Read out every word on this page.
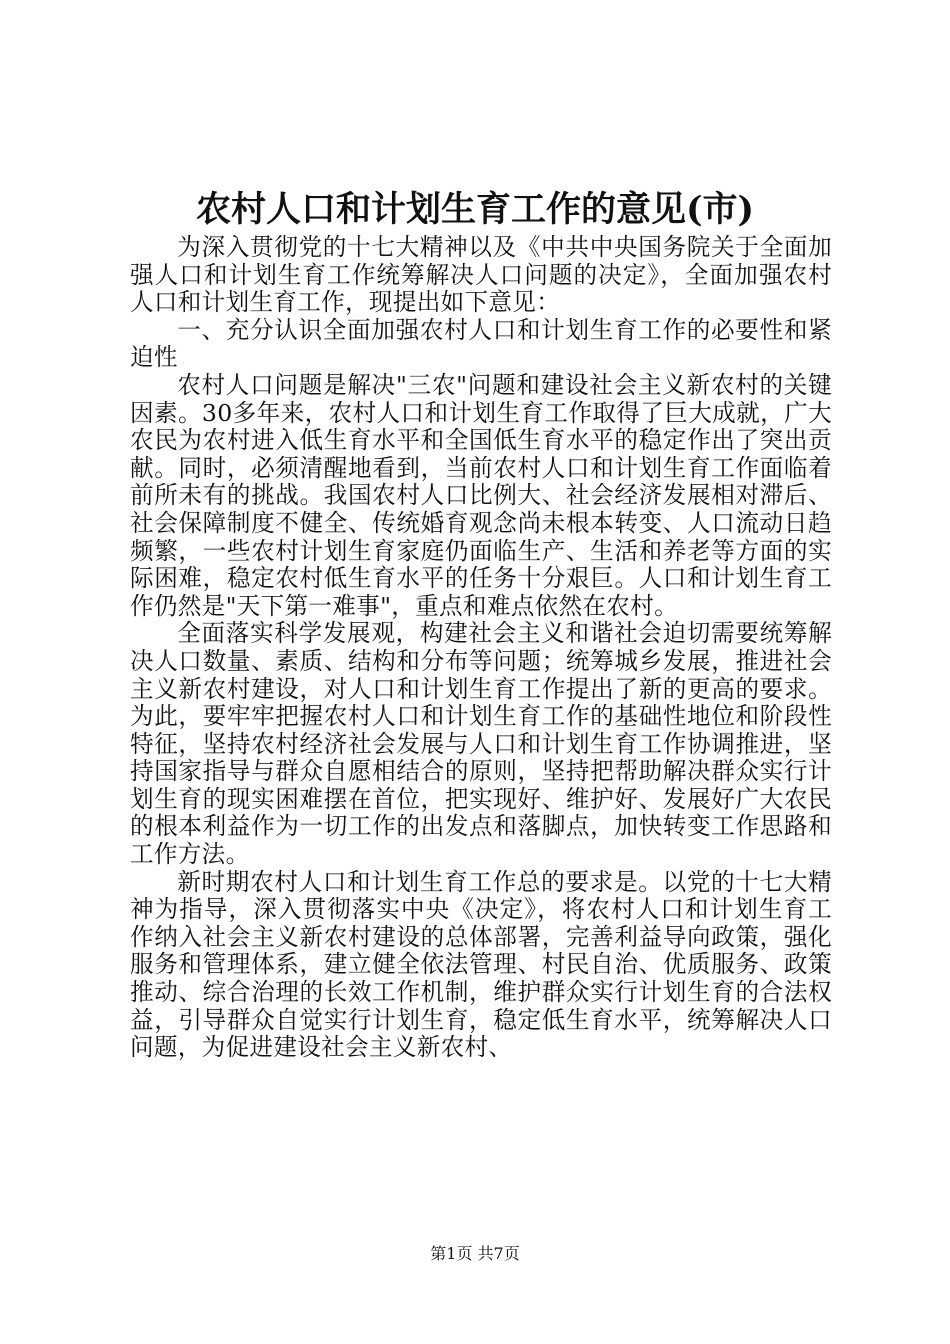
农村人口和计划生育工作的意见(市)

为深入贯彻党的十七大精神以及《中共中央国务院关于全面加强人口和计划生育工作统筹解决人口问题的决定》，全面加强农村人口和计划生育工作，现提出如下意见：

一、充分认识全面加强农村人口和计划生育工作的必要性和紧迫性

农村人口问题是解决"三农"问题和建设社会主义新农村的关键因素。30多年来，农村人口和计划生育工作取得了巨大成就，广大农民为农村进入低生育水平和全国低生育水平的稳定作出了突出贡献。同时，必须清醒地看到，当前农村人口和计划生育工作面临着前所未有的挑战。我国农村人口比例大、社会经济发展相对滞后、社会保障制度不健全、传统婚育观念尚未根本转变、人口流动日趋频繁，一些农村计划生育家庭仍面临生产、生活和养老等方面的实际困难，稳定农村低生育水平的任务十分艰巨。人口和计划生育工作仍然是"天下第一难事"，重点和难点依然在农村。

全面落实科学发展观，构建社会主义和谐社会迫切需要统筹解决人口数量、素质、结构和分布等问题；统筹城乡发展，推进社会主义新农村建设，对人口和计划生育工作提出了新的更高的要求。为此，要牢牢把握农村人口和计划生育工作的基础性地位和阶段性特征，坚持农村经济社会发展与人口和计划生育工作协调推进，坚持国家指导与群众自愿相结合的原则，坚持把帮助解决群众实行计划生育的现实困难摆在首位，把实现好、维护好、发展好广大农民的根本利益作为一切工作的出发点和落脚点，加快转变工作思路和工作方法。

新时期农村人口和计划生育工作总的要求是。以党的十七大精神为指导，深入贯彻落实中央《决定》，将农村人口和计划生育工作纳入社会主义新农村建设的总体部署，完善利益导向政策，强化服务和管理体系，建立健全依法管理、村民自治、优质服务、政策推动、综合治理的长效工作机制，维护群众实行计划生育的合法权益，引导群众自觉实行计划生育，稳定低生育水平，统筹解决人口问题，为促进建设社会主义新农村、

第1页 共7页
